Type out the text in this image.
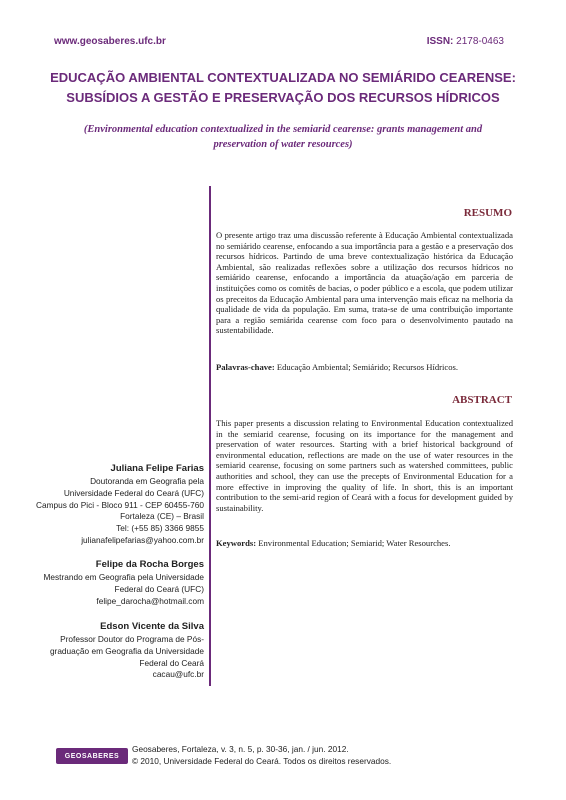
www.geosaberes.ufc.br	ISSN: 2178-0463
EDUCAÇÃO AMBIENTAL CONTEXTUALIZADA NO SEMIÁRIDO CEARENSE:
SUBSÍDIOS A GESTÃO E PRESERVAÇÃO DOS RECURSOS HÍDRICOS
(Environmental education contextualized in the semiarid cearense: grants management and
preservation of water resources)
RESUMO
O presente artigo traz uma discussão referente à Educação Ambiental contextualizada no semiárido cearense, enfocando a sua importância para a gestão e a preservação dos recursos hídricos. Partindo de uma breve contextualização histórica da Educação Ambiental, são realizadas reflexões sobre a utilização dos recursos hídricos no semiárido cearense, enfocando a importância da atuação/ação em parceria de instituições como os comitês de bacias, o poder público e a escola, que podem utilizar os preceitos da Educação Ambiental para uma intervenção mais eficaz na melhoria da qualidade de vida da população. Em suma, trata-se de uma contribuição importante para a região semiárida cearense com foco para o desenvolvimento pautado na sustentabilidade.
Palavras-chave: Educação Ambiental; Semiárido; Recursos Hídricos.
ABSTRACT
This paper presents a discussion relating to Environmental Education contextualized in the semiarid cearense, focusing on its importance for the management and preservation of water resources. Starting with a brief historical background of environmental education, reflections are made on the use of water resources in the semiarid cearense, focusing on some partners such as watershed committees, public authorities and school, they can use the precepts of Environmental Education for a more effective in improving the quality of life. In short, this is an important contribution to the semi-arid region of Ceará with a focus for development guided by sustainability.
Keywords: Environmental Education; Semiarid; Water Resourches.
Juliana Felipe Farias
Doutoranda em Geografia pela
Universidade Federal do Ceará (UFC)
Campus do Pici - Bloco 911 - CEP 60455-760
Fortaleza (CE) – Brasil
Tel: (+55 85) 3366 9855
julianafelipefarias@yahoo.com.br
Felipe da Rocha Borges
Mestrando em Geografia pela Universidade
Federal do Ceará (UFC)
felipe_darocha@hotmail.com
Edson Vicente da Silva
Professor Doutor do Programa de Pós-
graduação em Geografia da Universidade
Federal do Ceará
cacau@ufc.br
GEOSABERES
Geosaberes, Fortaleza, v. 3, n. 5, p. 30-36, jan. / jun. 2012.
© 2010, Universidade Federal do Ceará. Todos os direitos reservados.
